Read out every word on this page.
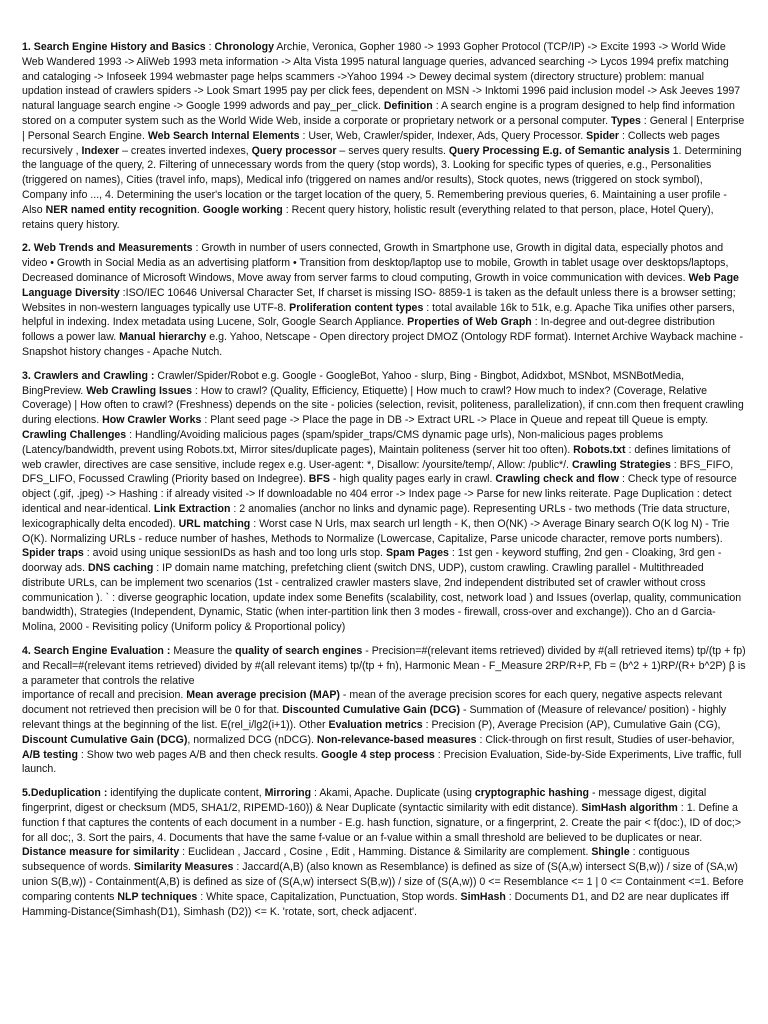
1. Search Engine History and Basics : Chronology Archie, Veronica, Gopher 1980 -> 1993 Gopher Protocol (TCP/IP) -> Excite 1993 -> World Wide Web Wandered 1993 -> AliWeb 1993 meta information -> Alta Vista 1995 natural language queries, advanced searching -> Lycos 1994 prefix matching and cataloging -> Infoseek 1994 webmaster page helps scammers ->Yahoo 1994 -> Dewey decimal system (directory structure) problem: manual updation instead of crawlers spiders -> Look Smart 1995 pay per click fees, dependent on MSN -> Inktomi 1996 paid inclusion model -> Ask Jeeves 1997 natural language search engine -> Google 1999 adwords and pay_per_click. Definition : A search engine is a program designed to help find information stored on a computer system such as the World Wide Web, inside a corporate or proprietary network or a personal computer. Types : General | Enterprise | Personal Search Engine. Web Search Internal Elements : User, Web, Crawler/spider, Indexer, Ads, Query Processor. Spider : Collects web pages recursively , Indexer – creates inverted indexes, Query processor – serves query results. Query Processing E.g. of Semantic analysis 1. Determining the language of the query, 2. Filtering of unnecessary words from the query (stop words), 3. Looking for specific types of queries, e.g., Personalities (triggered on names), Cities (travel info, maps), Medical info (triggered on names and/or results), Stock quotes, news (triggered on stock symbol), Company info ..., 4. Determining the user's location or the target location of the query, 5. Remembering previous queries, 6. Maintaining a user profile - Also NER named entity recognition. Google working : Recent query history, holistic result (everything related to that person, place, Hotel Query), retains query history.

2. Web Trends and Measurements : Growth in number of users connected, Growth in Smartphone use, Growth in digital data, especially photos and video • Growth in Social Media as an advertising platform • Transition from desktop/laptop use to mobile, Growth in tablet usage over desktops/laptops, Decreased dominance of Microsoft Windows, Move away from server farms to cloud computing, Growth in voice communication with devices. Web Page Language Diversity :ISO/IEC 10646 Universal Character Set, If charset is missing ISO- 8859-1 is taken as the default unless there is a browser setting; Websites in non-western languages typically use UTF-8. Proliferation content types : total available 16k to 51k, e.g. Apache Tika unifies other parsers, helpful in indexing. Index metadata using Lucene, Solr, Google Search Appliance. Properties of Web Graph : In-degree and out-degree distribution follows a power law. Manual hierarchy e.g. Yahoo, Netscape - Open directory project DMOZ (Ontology RDF format). Internet Archive Wayback machine - Snapshot history changes - Apache Nutch.

3. Crawlers and Crawling : Crawler/Spider/Robot e.g. Google - GoogleBot, Yahoo - slurp, Bing - Bingbot, Adidxbot, MSNbot, MSNBotMedia, BingPreview. Web Crawling Issues : How to crawl? (Quality, Efficiency, Etiquette) | How much to crawl? How much to index? (Coverage, Relative Coverage) | How often to crawl? (Freshness) depends on the site - policies (selection, revisit, politeness, parallelization), if cnn.com then frequent crawling during elections. How Crawler Works : Plant seed page -> Place the page in DB -> Extract URL -> Place in Queue and repeat till Queue is empty. Crawling Challenges : Handling/Avoiding malicious pages (spam/spider_traps/CMS dynamic page urls), Non-malicious pages problems (Latency/bandwidth, prevent using Robots.txt, Mirror sites/duplicate pages), Maintain politeness (server hit too often). Robots.txt : defines limitations of web crawler, directives are case sensitive, include regex e.g. User-agent: *, Disallow: /yoursite/temp/, Allow: /public*/. Crawling Strategies : BFS_FIFO, DFS_LIFO, Focussed Crawling (Priority based on Indegree). BFS - high quality pages early in crawl. Crawling check and flow : Check type of resource object (.gif, .jpeg) -> Hashing : if already visited -> If downloadable no 404 error -> Index page -> Parse for new links reiterate. Page Duplication : detect identical and near-identical. Link Extraction : 2 anomalies (anchor no links and dynamic page). Representing URLs - two methods (Trie data structure, lexicographically delta encoded). URL matching : Worst case N Urls, max search url length - K, then O(NK) -> Average Binary search O(K log N) - Trie O(K). Normalizing URLs - reduce number of hashes, Methods to Normalize (Lowercase, Capitalize, Parse unicode character, remove ports numbers). Spider traps : avoid using unique sessionIDs as hash and too long urls stop. Spam Pages : 1st gen - keyword stuffing, 2nd gen - Cloaking, 3rd gen - doorway ads. DNS caching : IP domain name matching, prefetching client (switch DNS, UDP), custom crawling. Crawling parallel - Multithreaded distribute URLs, can be implement two scenarios (1st - centralized crawler masters slave, 2nd independent distributed set of crawler without cross communication ). ` : diverse geographic location, update index some Benefits (scalability, cost, network load ) and Issues (overlap, quality, communication bandwidth), Strategies (Independent, Dynamic, Static (when inter-partition link then 3 modes - firewall, cross-over and exchange)). Cho an d Garcia-Molina, 2000 - Revisiting policy (Uniform policy & Proportional policy)

4. Search Engine Evaluation : Measure the quality of search engines - Precision=#(relevant items retrieved) divided by #(all retrieved items) tp/(tp + fp) and Recall=#(relevant items retrieved) divided by #(all relevant items) tp/(tp + fn), Harmonic Mean - F_Measure 2RP/R+P, Fb = (b^2 + 1)RP/(R+ b^2P) β is a parameter that controls the relative
importance of recall and precision. Mean average precision (MAP) - mean of the average precision scores for each query, negative aspects relevant document not retrieved then precision will be 0 for that. Discounted Cumulative Gain (DCG) - Summation of (Measure of relevance/ position) - highly relevant things at the beginning of the list. E(rel_i/lg2(i+1)). Other Evaluation metrics : Precision (P), Average Precision (AP), Cumulative Gain (CG), Discount Cumulative Gain (DCG), normalized DCG (nDCG). Non-relevance-based measures : Click-through on first result, Studies of user-behavior, A/B testing : Show two web pages A/B and then check results. Google 4 step process : Precision Evaluation, Side-by-Side Experiments, Live traffic, full launch.

5.Deduplication : identifying the duplicate content, Mirroring : Akami, Apache. Duplicate (using cryptographic hashing - message digest, digital fingerprint, digest or checksum (MD5, SHA1/2, RIPEMD-160)) & Near Duplicate (syntactic similarity with edit distance). SimHash algorithm : 1. Define a function f that captures the contents of each document in a number - E.g. hash function, signature, or a fingerprint, 2. Create the pair < f(doc:), ID of doc;> for all doc;, 3. Sort the pairs, 4. Documents that have the same f-value or an f-value within a small threshold are believed to be duplicates or near. Distance measure for similarity : Euclidean , Jaccard , Cosine , Edit , Hamming. Distance & Similarity are complement. Shingle : contiguous subsequence of words. Similarity Measures : Jaccard(A,B) (also known as Resemblance) is defined as size of (S(A,w) intersect S(B,w)) / size of (SA,w) union S(B,w)) - Containment(A,B) is defined as size of (S(A,w) intersect S(B,w)) / size of (S(A,w)) 0 <= Resemblance <= 1 | 0 <= Containment <=1. Before comparing contents NLP techniques : White space, Capitalization, Punctuation, Stop words. SimHash : Documents D1, and D2 are near duplicates iff Hamming-Distance(Simhash(D1), Simhash (D2)) <= K. 'rotate, sort, check adjacent'.
